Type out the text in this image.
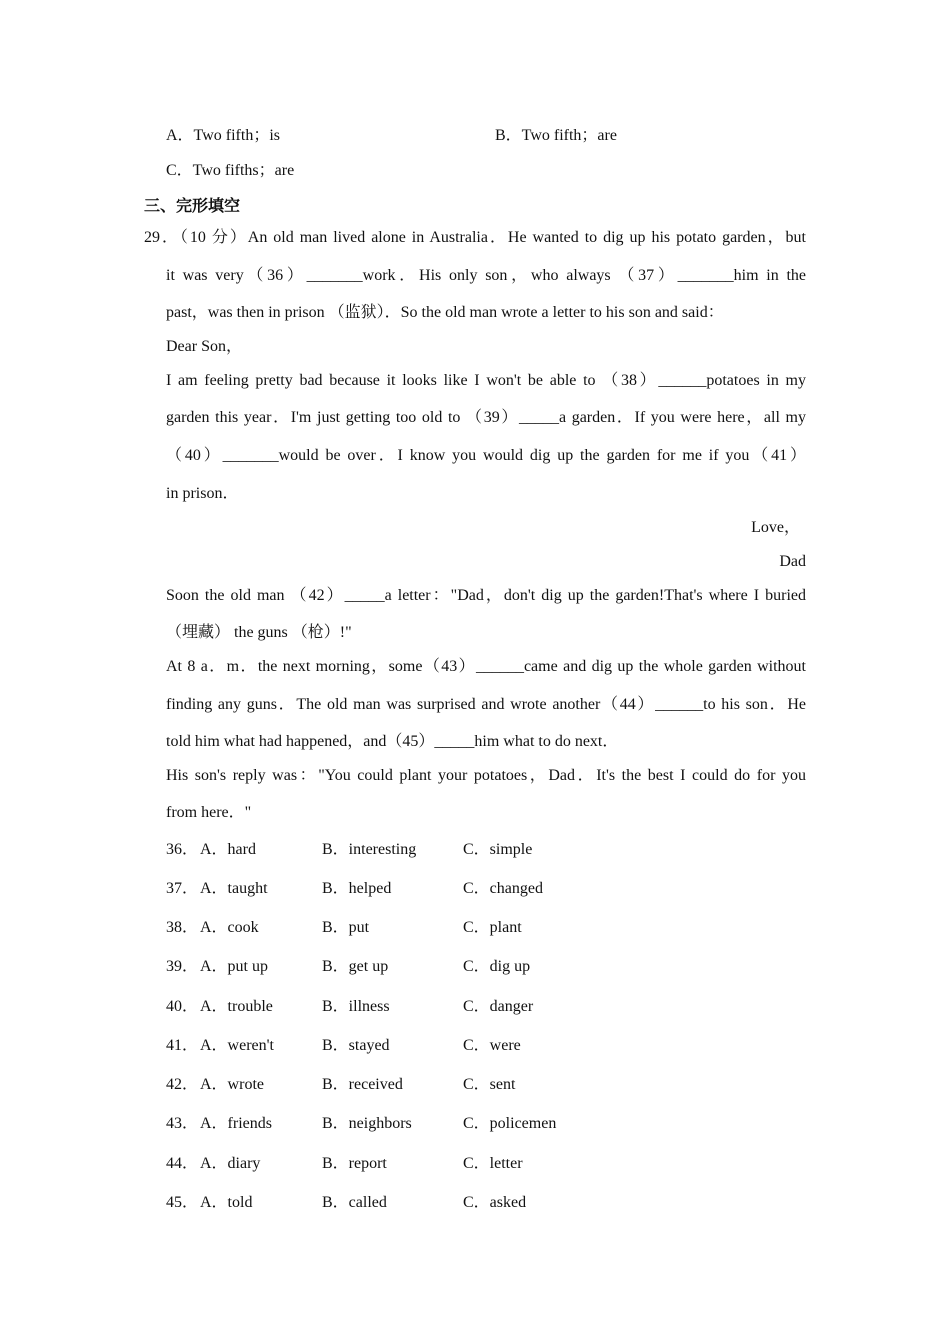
A．Two fifth；is	B．Two fifth；are
C．Two fifths；are
三、完形填空
29．（10 分）An old man lived alone in Australia．He wanted to dig up his potato garden，but
it was very（36）_______work．His only son，who always （37）_______him in the
past，was then in prison （监狱）．So the old man wrote a letter to his son and said：
Dear Son，
I am feeling pretty bad because it looks like I won't be able to （38）______potatoes in my
garden this year．I'm just getting too old to （39）_____a garden．If you were here，all my
（40）_______would be over．I know you would dig up the garden for me if you（41）
in prison．
Love，
Dad
Soon the old man （42）_____a letter："Dad，don't dig up the garden!That's where I buried
（埋藏） the guns （枪）!"
At 8 a．m．the next morning，some（43）______came and dig up the whole garden without
finding any guns．The old man was surprised and wrote another（44）______to his son．He
told him what had happened，and（45）_____him what to do next．
His son's reply was："You could plant your potatoes，Dad．It's the best I could do for you
from here．"
36． A．hard	B．interesting	C．simple
37． A．taught	B．helped	C．changed
38． A．cook	B．put	C．plant
39． A．put up	B．get up	C．dig up
40． A．trouble	B．illness	C．danger
41． A．weren't	B．stayed	C．were
42． A．wrote	B．received	C．sent
43． A．friends	B．neighbors	C．policemen
44． A．diary	B．report	C．letter
45． A．told	B．called	C．asked
